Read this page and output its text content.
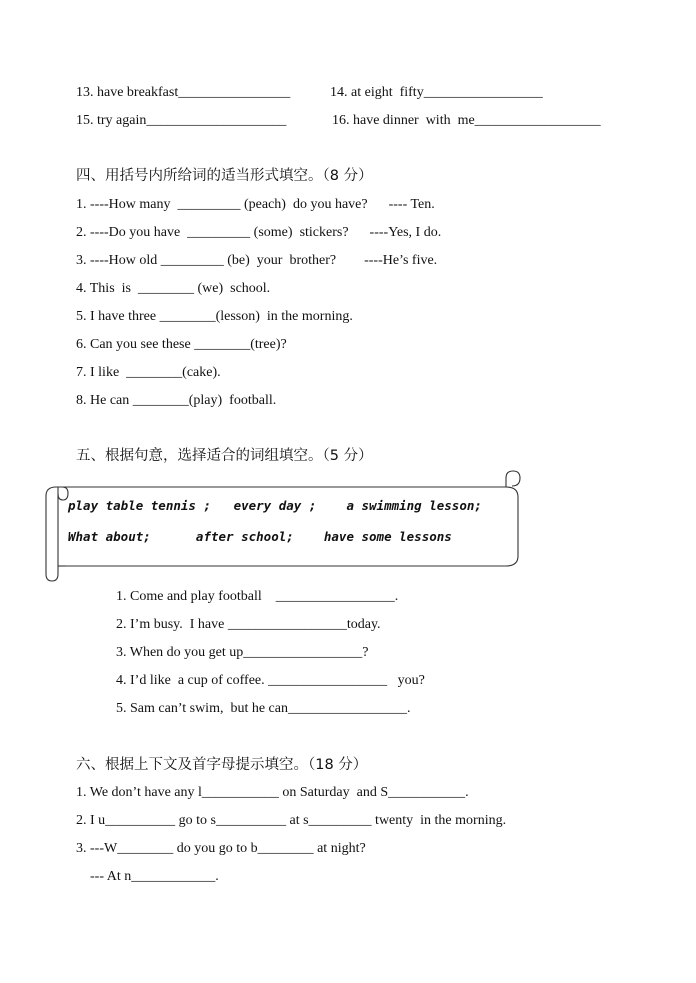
13. have breakfast________________	14. at eight  fifty_________________
15. try again____________________	16. have dinner  with  me__________________
四、用括号内所给词的适当形式填空。（8 分）
1. ----How many  _________ (peach)  do you have?      ---- Ten.
2. ----Do you have  _________ (some)  stickers?      ----Yes, I do.
3. ----How old _________ (be)  your  brother?        ----He’s five.
4. This  is  ________ (we)  school.
5. I have three ________(lesson)  in the morning.
6. Can you see these ________(tree)?
7. I like  ________(cake).
8. He can ________(play)  football.
五、根据句意，选择适合的词组填空。（5 分）
play table tennis ;   every day ;    a swimming lesson;
What about;      after school;    have some lessons
1. Come and play football    _________________.
2. I’m busy.  I have _________________today.
3. When do you get up_________________?
4. I’d like  a cup of coffee. _________________   you?
5. Sam can’t swim,  but he can_________________.
六、根据上下文及首字母提示填空。（18 分）
1. We don’t have any l___________ on Saturday  and S___________.
2. I u__________ go to s__________ at s_________ twenty  in the morning.
3. ---W________ do you go to b________ at night?
--- At n____________.
